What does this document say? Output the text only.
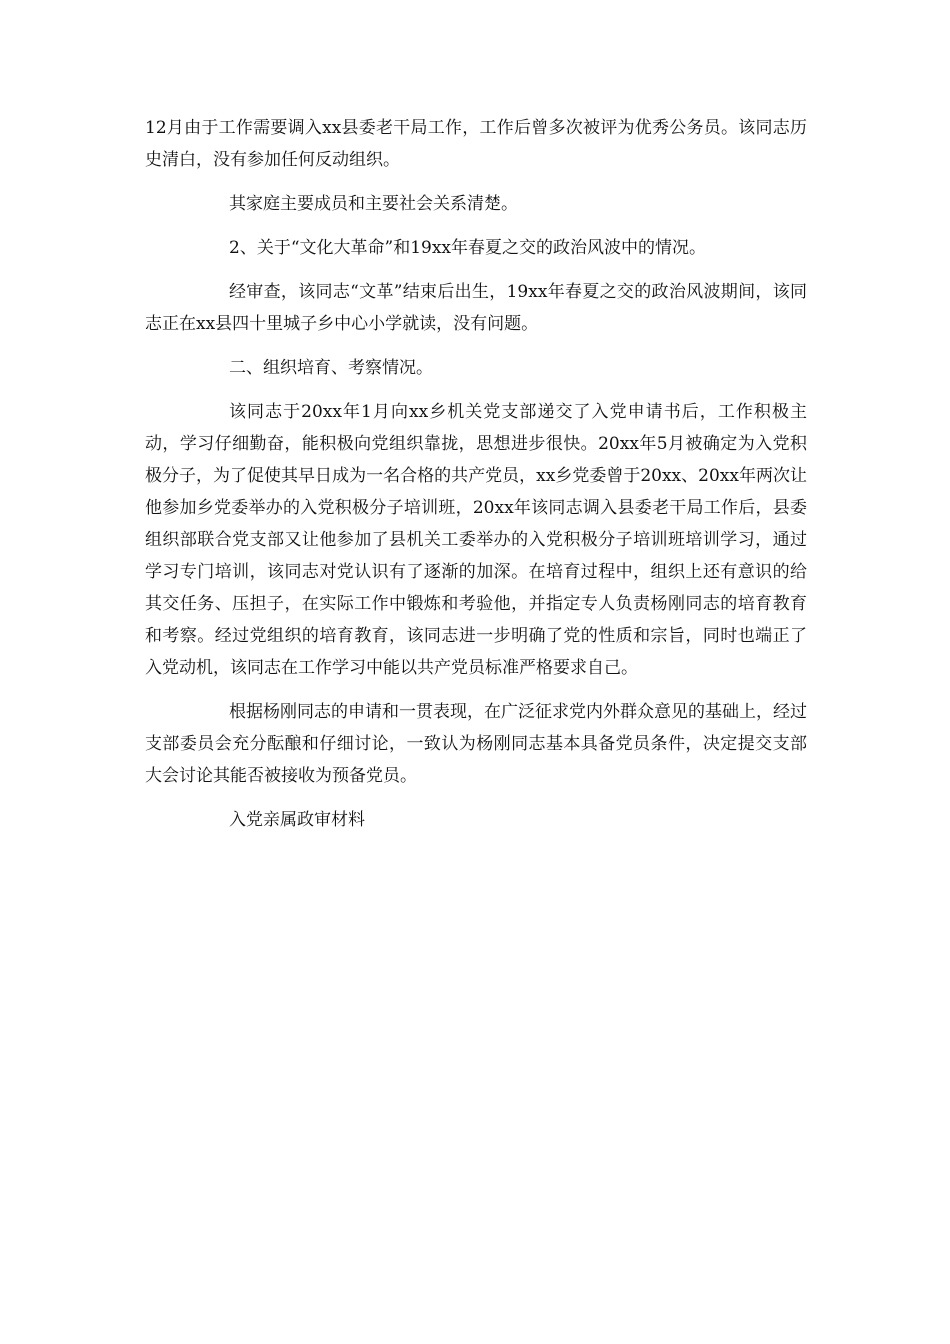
12月由于工作需要调入xx县委老干局工作，工作后曾多次被评为优秀公务员。该同志历史清白，没有参加任何反动组织。

其家庭主要成员和主要社会关系清楚。

2、关于“文化大革命”和19xx年春夏之交的政治风波中的情况。

经审查，该同志“文革”结束后出生，19xx年春夏之交的政治风波期间，该同志正在xx县四十里城子乡中心小学就读，没有问题。

二、组织培育、考察情况。

该同志于20xx年1月向xx乡机关党支部递交了入党申请书后，工作积极主动，学习仔细勤奋，能积极向党组织靠拢，思想进步很快。20xx年5月被确定为入党积极分子，为了促使其早日成为一名合格的共产党员，xx乡党委曾于20xx、20xx年两次让他参加乡党委举办的入党积极分子培训班，20xx年该同志调入县委老干局工作后，县委组织部联合党支部又让他参加了县机关工委举办的入党积极分子培训班培训学习，通过学习专门培训，该同志对党认识有了逐渐的加深。在培育过程中，组织上还有意识的给其交任务、压担子，在实际工作中锻炼和考验他，并指定专人负责杨刚同志的培育教育和考察。经过党组织的培育教育，该同志进一步明确了党的性质和宗旨，同时也端正了入党动机，该同志在工作学习中能以共产党员标准严格要求自己。

根据杨刚同志的申请和一贯表现，在广泛征求党内外群众意见的基础上，经过支部委员会充分酝酿和仔细讨论，一致认为杨刚同志基本具备党员条件，决定提交支部大会讨论其能否被接收为预备党员。

入党亲属政审材料
